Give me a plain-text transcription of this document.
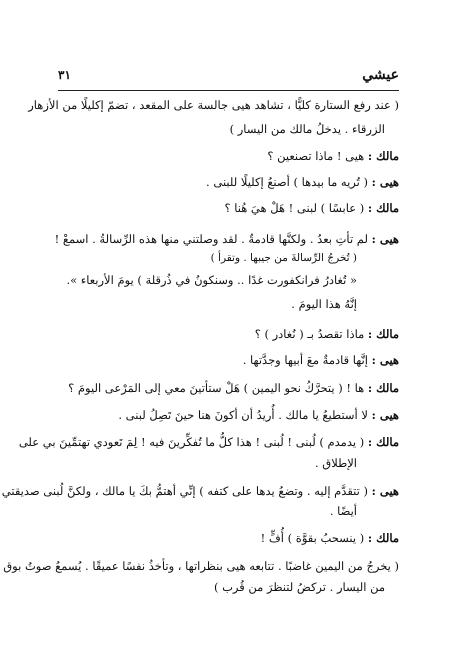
عيشي
٣١
( عند رفع الستارة كليًّا ، تشاهد هيى جالسة على المقعد ، تضمّ إكليلًا من الأزهار
الزرقاء . يدخلُ مالك من اليسار )
مالك : هيى ! ماذا تصنعين ؟
هيى : ( تُريه ما بيدها ) أصنعُ إكليلًا للبنى .
مالك : ( عابسًا ) لبنى ! هَلْ هيَ هُنا ؟
هيى : لم تأتِ بعدُ . ولكنَّها قادمةٌ . لقد وصلتني منها هذه الرِّسالةُ . اسمعْ !
( تُخرجُ الرِّسالةَ من جيبها . وتقرأ )
« تُغادرُ فرانكفورت غدًا .. وسنكونُ في ذُرقلة ) يومَ الأربعاء ».
إنَّهُ هذا اليومَ .
مالك : ماذا تقصدُ بـ ( نُغادر ) ؟
هيى : إنَّها قادمةٌ معَ أبيها وجدَّتها .
مالك : ها ! ( يتحرَّكُ نحو اليمين ) هَلْ ستأتينَ معي إلى المَرْعى اليومَ ؟
هيى : لا أستطيعُ يا مالك . أُريدُ أن أكونَ هنا حينَ تَصِلُ لبنى .
مالك : ( يدمدم ) لُبنى ! لُبنى ! هذا كلُّ ما تُفكِّرينَ فيه ! لِمَ تَعودي تهتمِّينَ بي على
الإطلاق .
هيى : ( تتقدَّم إليه . وتضعُ يدها على كتفه ) إنِّي أهتمُّ بكَ يا مالك ، ولكنَّ لُبنى صديقتي
أيضًا .
مالك : ( ينسحبُ بقوَّة ) أُفٍّ !
( يخرجُ من اليمين غاضبًا . تتابعه هيى بنظراتها ، وتأخذُ نفسًا عميقًا . يُسمعُ صوتُ بوق
من اليسار . تركضُ لتنظرَ من قُرب )
